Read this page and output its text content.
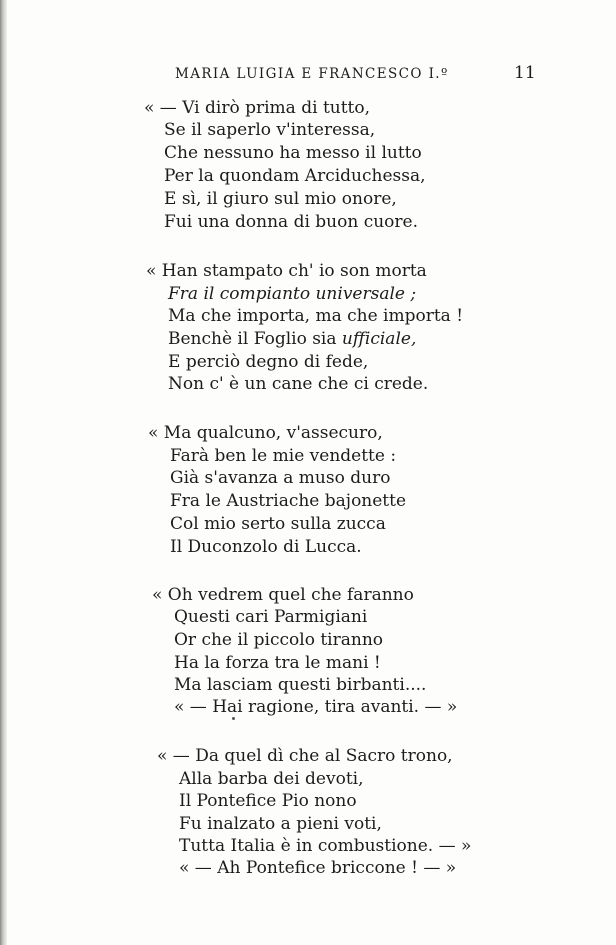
MARIA LUIGIA E FRANCESCO I.º	11
« — Vi dirò prima di tutto,
Se il saperlo v'interessa,
Che nessuno ha messo il lutto
Per la quondam Arciduchessa,
E sì, il giuro sul mio onore,
Fui una donna di buon cuore.
« Han stampato ch' io son morta
Fra il compianto universale ;
Ma che importa, ma che importa !
Benchè il Foglio sia ufficiale,
E perciò degno di fede,
Non c' è un cane che ci crede.
« Ma qualcuno, v'assecuro,
Farà ben le mie vendette :
Già s'avanza a muso duro
Fra le Austriache bajonette
Col mio serto sulla zucca
Il Duconzolo di Lucca.
« Oh vedrem quel che faranno
Questi cari Parmigiani
Or che il piccolo tiranno
Ha la forza tra le mani !
Ma lasciam questi birbanti....
« — Hai ragione, tira avanti. — »
« — Da quel dì che al Sacro trono,
Alla barba dei devoti,
Il Pontefice Pio nono
Fu inalzato a pieni voti,
Tutta Italia è in combustione. — »
« — Ah Pontefice briccone ! — »
